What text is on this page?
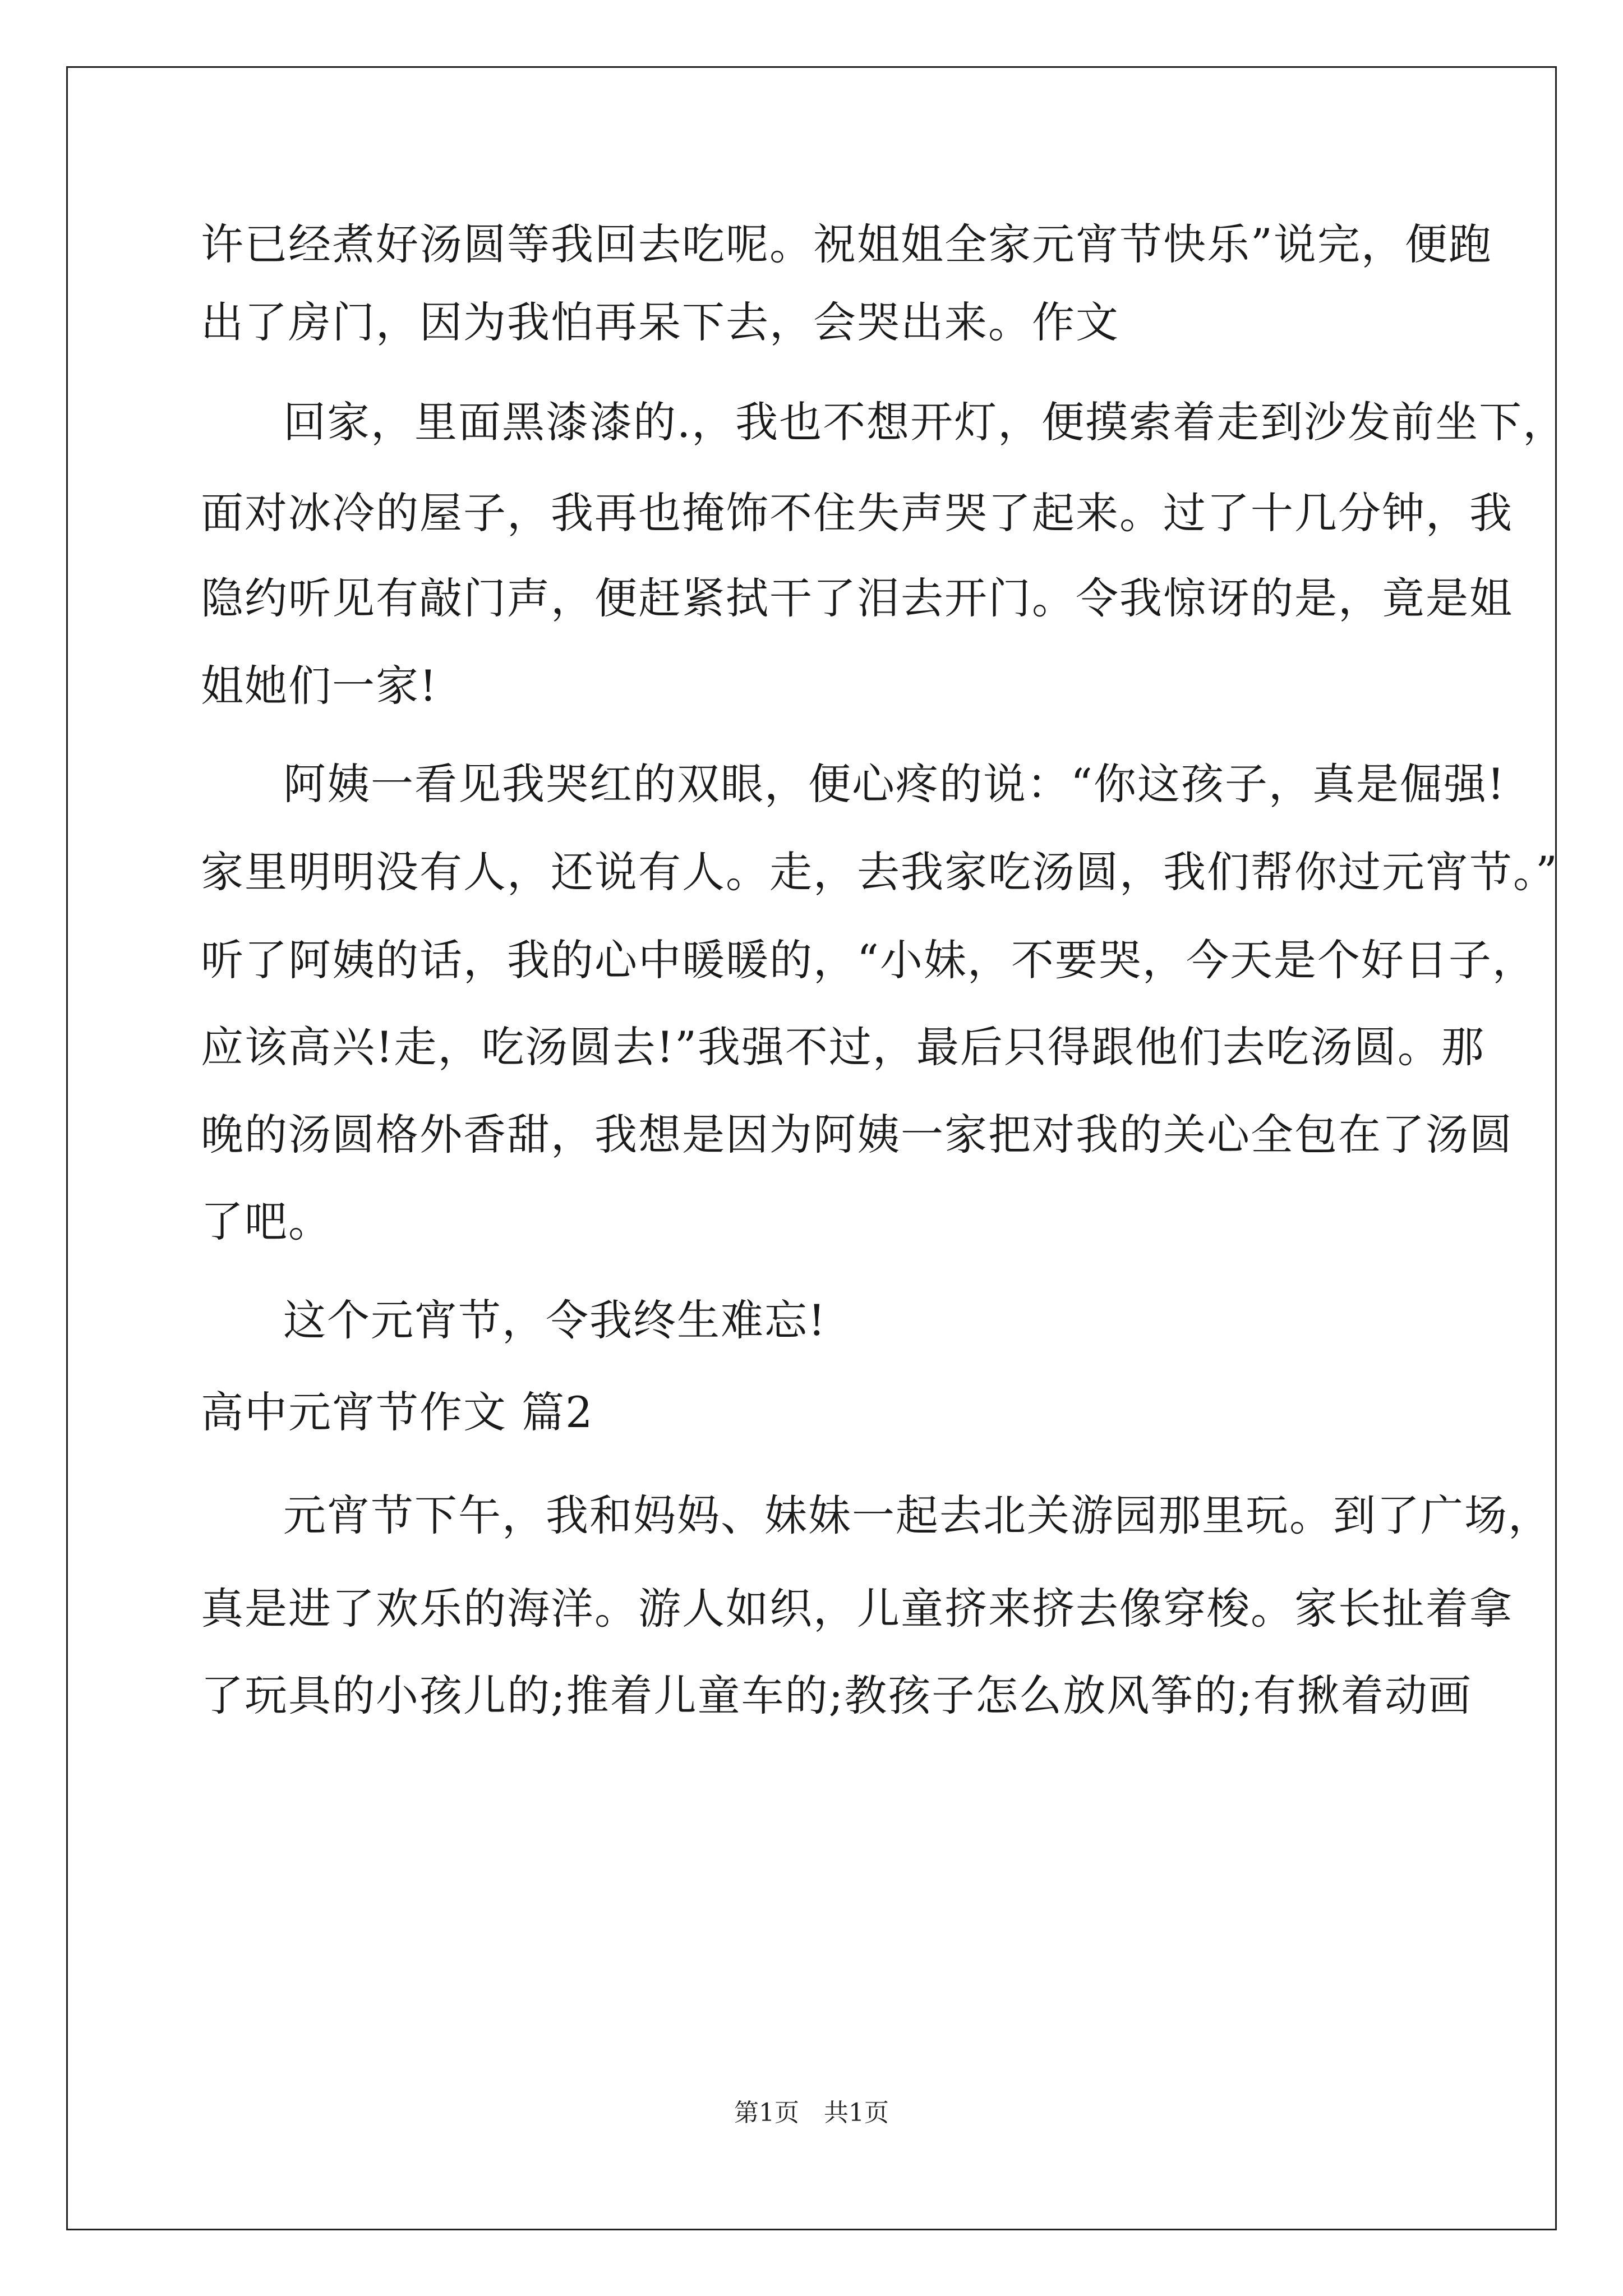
许已经煮好汤圆等我回去吃呢。祝姐姐全家元宵节快乐”说完，便跑
出了房门，因为我怕再呆下去，会哭出来。作文
回家，里面黑漆漆的.，我也不想开灯，便摸索着走到沙发前坐下，
面对冰冷的屋子，我再也掩饰不住失声哭了起来。过了十几分钟，我
隐约听见有敲门声，便赶紧拭干了泪去开门。令我惊讶的是，竟是姐
姐她们一家!
阿姨一看见我哭红的双眼，便心疼的说：“你这孩子，真是倔强!
家里明明没有人，还说有人。走，去我家吃汤圆，我们帮你过元宵节。”
听了阿姨的话，我的心中暖暖的，“小妹，不要哭，今天是个好日子，
应该高兴!走，吃汤圆去!”我强不过，最后只得跟他们去吃汤圆。那
晚的汤圆格外香甜，我想是因为阿姨一家把对我的关心全包在了汤圆
了吧。
这个元宵节，令我终生难忘!
高中元宵节作文 篇2
元宵节下午，我和妈妈、妹妹一起去北关游园那里玩。到了广场，
真是进了欢乐的海洋。游人如织，儿童挤来挤去像穿梭。家长扯着拿
了玩具的小孩儿的;推着儿童车的;教孩子怎么放风筝的;有揪着动画
第1页　共1页
